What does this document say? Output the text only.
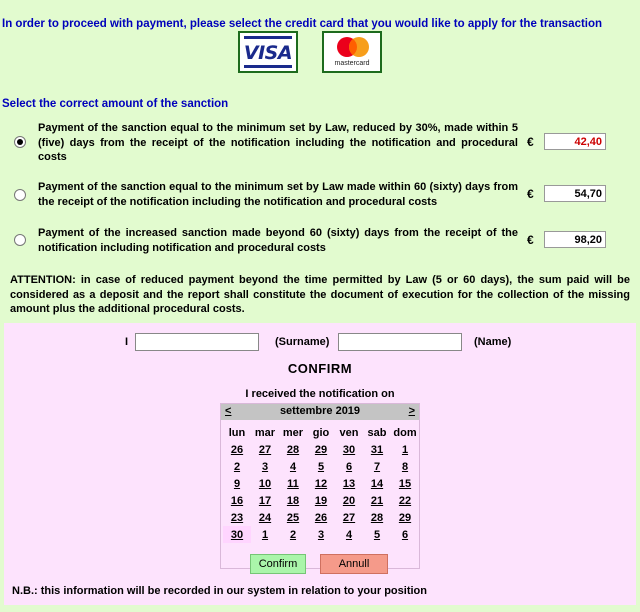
In order to proceed with payment, please select the credit card that you would like to apply for the transaction
VISA	mastercard
Select the correct amount of the sanction
Payment of the sanction equal to the minimum set by Law, reduced by 30%, made within 5 (five) days from the receipt of the notification including the notification and procedural costs
€	42,40
Payment of the sanction equal to the minimum set by Law made within 60 (sixty) days from the receipt of the notification including the notification and procedural costs
€	54,70
Payment of the increased sanction made beyond 60 (sixty) days from the receipt of the notification including notification and procedural costs
€	98,20
ATTENTION: in case of reduced payment beyond the time permitted by Law (5 or 60 days), the sum paid will be considered as a deposit and the report shall constitute the document of execution for the collection of the missing amount plus the additional procedural costs.
I	(Surname)	(Name)
CONFIRM
I received the notification on
<	settembre 2019	>
lun	mar	mer	gio	ven	sab	dom
26	27	28	29	30	31	1
2	3	4	5	6	7	8
9	10	11	12	13	14	15
16	17	18	19	20	21	22
23	24	25	26	27	28	29
30	1	2	3	4	5	6
Confirm	Annull
N.B.: this information will be recorded in our system in relation to your position
